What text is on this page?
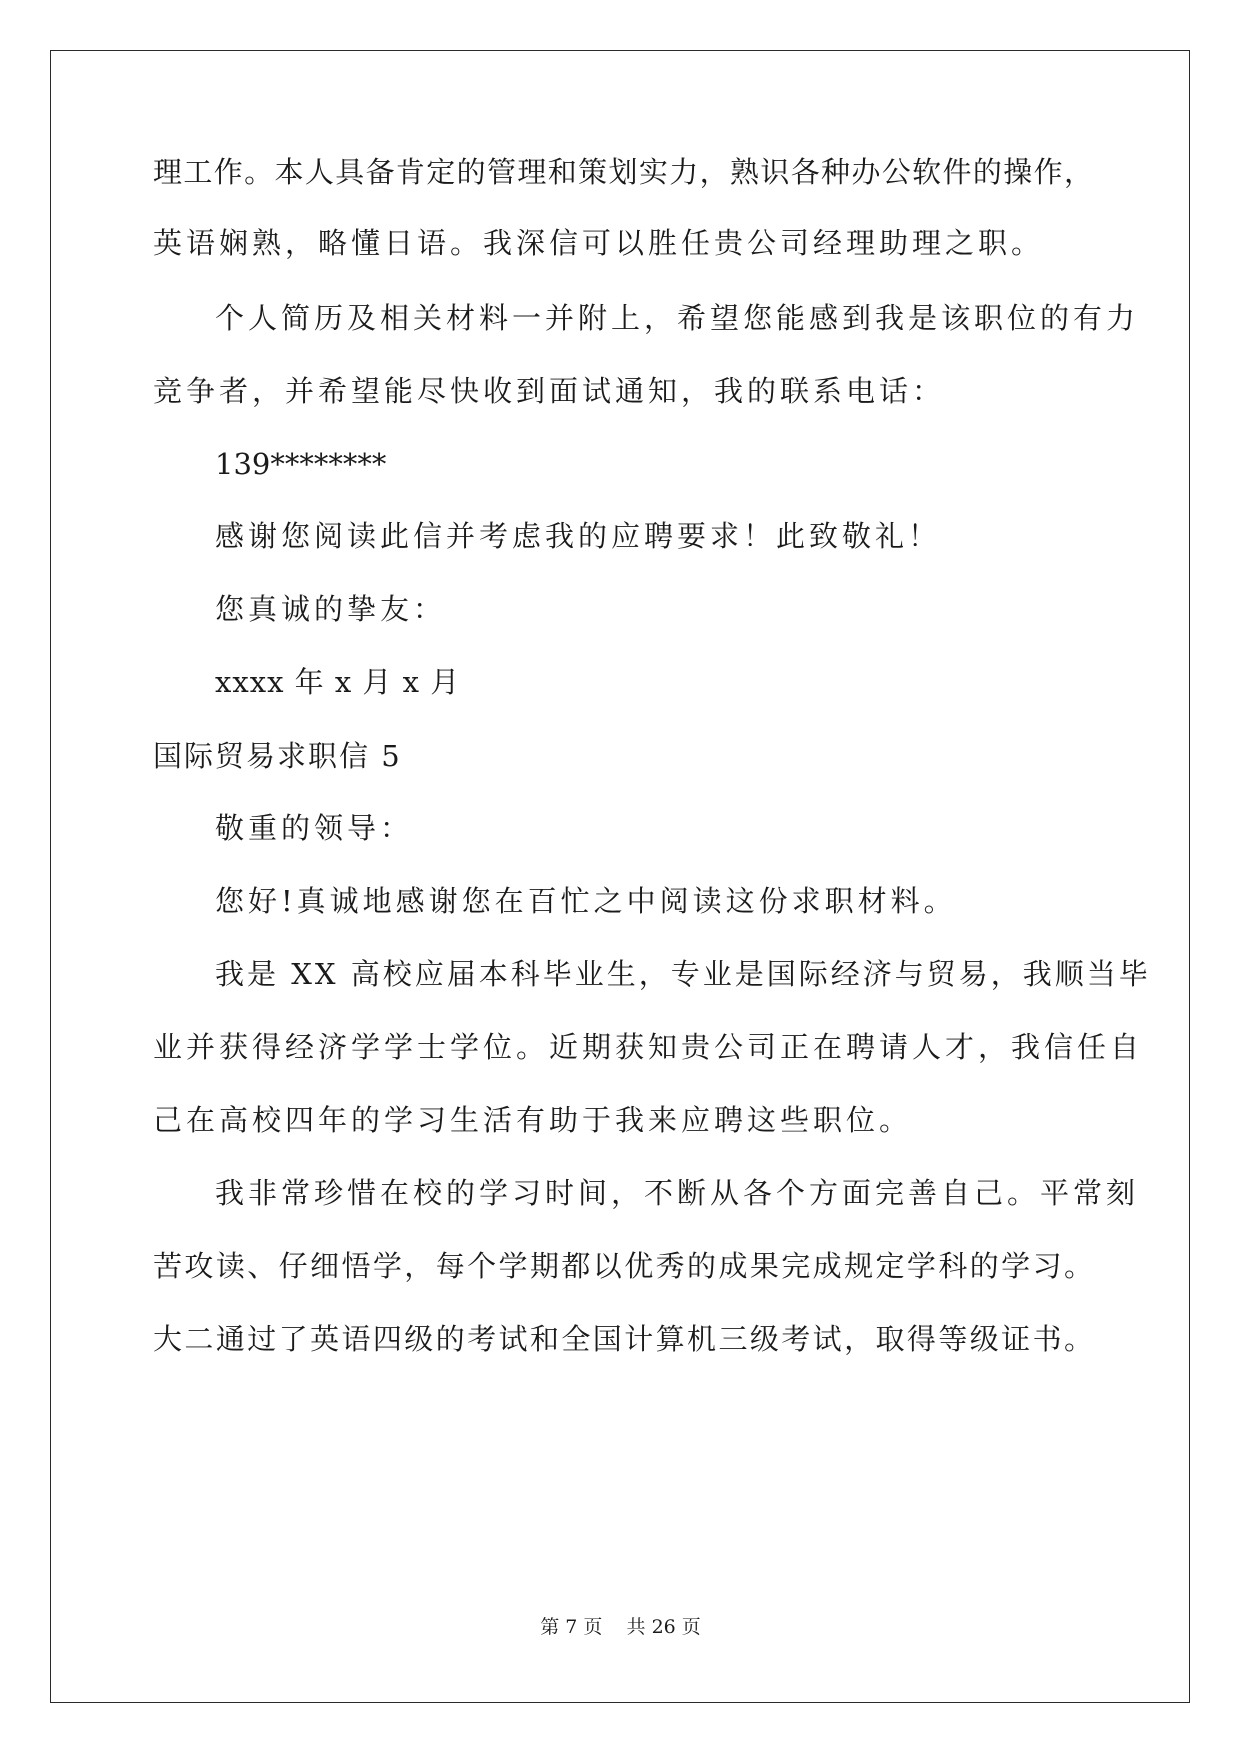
理工作。本人具备肯定的管理和策划实力，熟识各种办公软件的操作，
英语娴熟，略懂日语。我深信可以胜任贵公司经理助理之职。
个人简历及相关材料一并附上，希望您能感到我是该职位的有力
竞争者，并希望能尽快收到面试通知，我的联系电话：
139********
感谢您阅读此信并考虑我的应聘要求！此致敬礼！
您真诚的挚友：
xxxx 年 x 月 x 月
国际贸易求职信 5
敬重的领导：
您好!真诚地感谢您在百忙之中阅读这份求职材料。
我是 XX 高校应届本科毕业生，专业是国际经济与贸易，我顺当毕
业并获得经济学学士学位。近期获知贵公司正在聘请人才，我信任自
己在高校四年的学习生活有助于我来应聘这些职位。
我非常珍惜在校的学习时间，不断从各个方面完善自己。平常刻
苦攻读、仔细悟学，每个学期都以优秀的成果完成规定学科的学习。
大二通过了英语四级的考试和全国计算机三级考试，取得等级证书。
第 7 页    共 26 页
